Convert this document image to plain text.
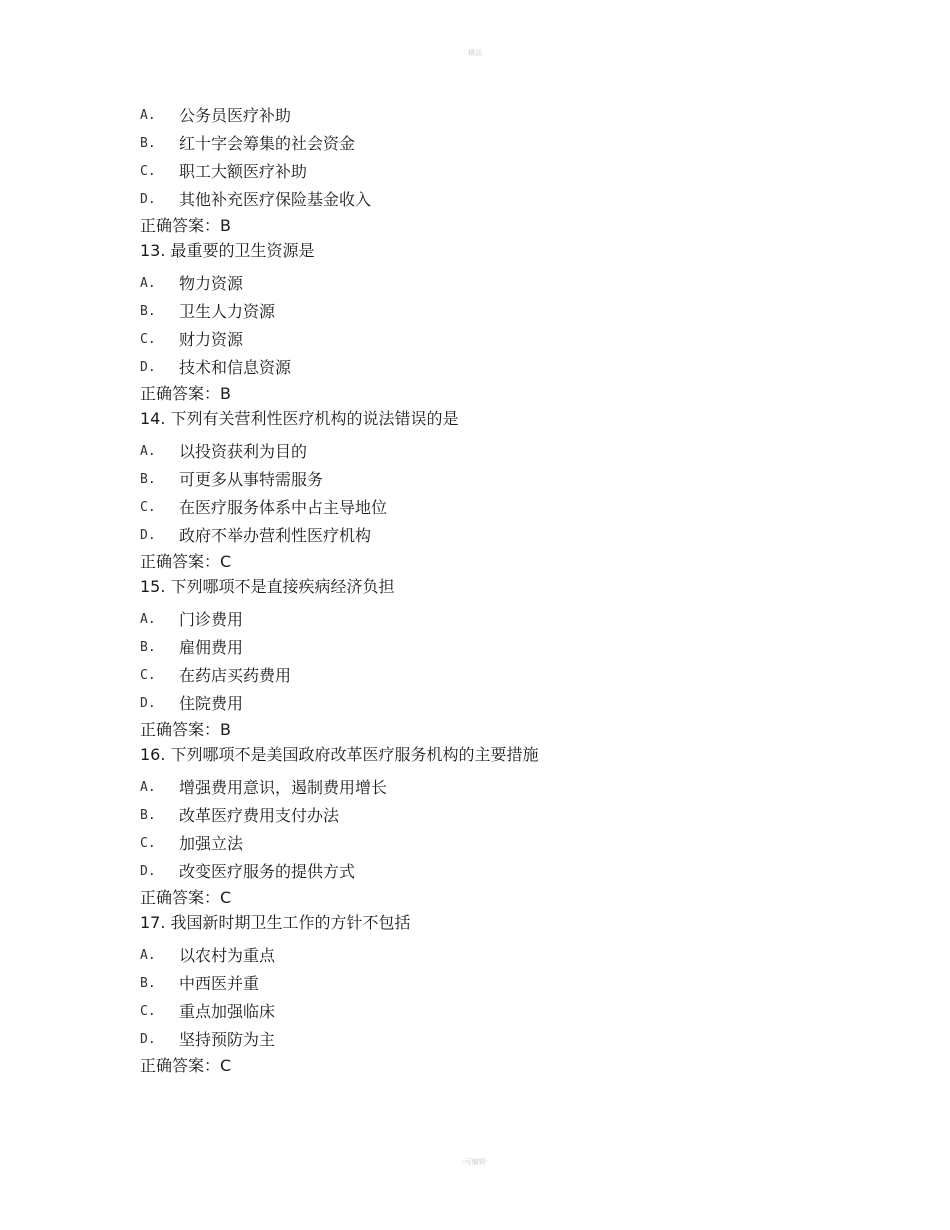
精品
A.	公务员医疗补助
B.	红十字会筹集的社会资金
C.	职工大额医疗补助
D.	其他补充医疗保险基金收入
正确答案：B
13. 最重要的卫生资源是
A.	物力资源
B.	卫生人力资源
C.	财力资源
D.	技术和信息资源
正确答案：B
14. 下列有关营利性医疗机构的说法错误的是
A.	以投资获利为目的
B.	可更多从事特需服务
C.	在医疗服务体系中占主导地位
D.	政府不举办营利性医疗机构
正确答案：C
15. 下列哪项不是直接疾病经济负担
A.	门诊费用
B.	雇佣费用
C.	在药店买药费用
D.	住院费用
正确答案：B
16. 下列哪项不是美国政府改革医疗服务机构的主要措施
A.	增强费用意识，遏制费用增长
B.	改革医疗费用支付办法
C.	加强立法
D.	改变医疗服务的提供方式
正确答案：C
17. 我国新时期卫生工作的方针不包括
A.	以农村为重点
B.	中西医并重
C.	重点加强临床
D.	坚持预防为主
正确答案：C
-可编辑-
